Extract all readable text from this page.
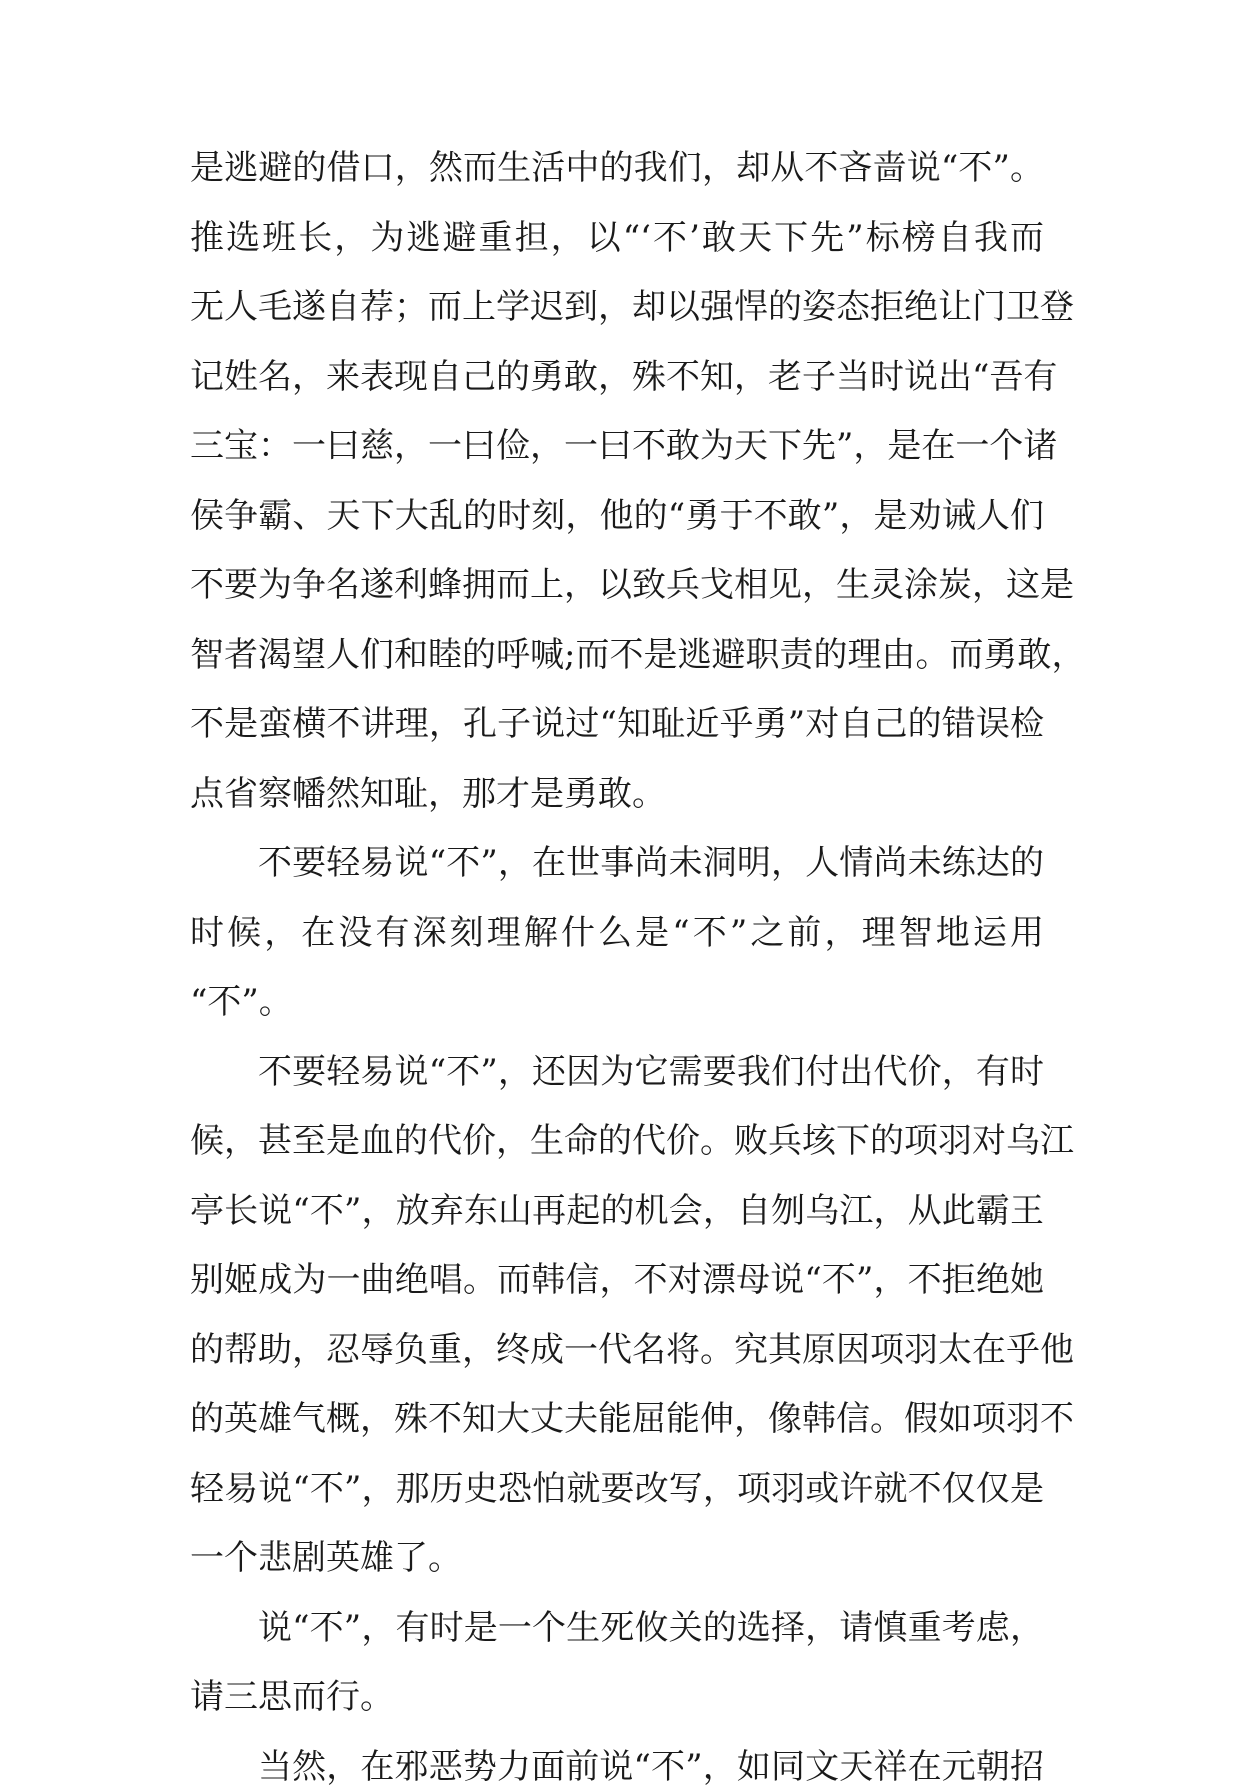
是逃避的借口，然而生活中的我们，却从不吝啬说“不”。
推选班长，为逃避重担，以“‘不’敢天下先”标榜自我而
无人毛遂自荐；而上学迟到，却以强悍的姿态拒绝让门卫登
记姓名，来表现自己的勇敢，殊不知，老子当时说出“吾有
三宝：一曰慈，一曰俭，一曰不敢为天下先”，是在一个诸
侯争霸、天下大乱的时刻，他的“勇于不敢”，是劝诫人们
不要为争名遂利蜂拥而上，以致兵戈相见，生灵涂炭，这是
智者渴望人们和睦的呼喊;而不是逃避职责的理由。而勇敢，
不是蛮横不讲理，孔子说过“知耻近乎勇”对自己的错误检
点省察幡然知耻，那才是勇敢。
不要轻易说“不”，在世事尚未洞明，人情尚未练达的
时候，在没有深刻理解什么是“不”之前，理智地运用
“不”。
不要轻易说“不”，还因为它需要我们付出代价，有时
候，甚至是血的代价，生命的代价。败兵垓下的项羽对乌江
亭长说“不”，放弃东山再起的机会，自刎乌江，从此霸王
别姬成为一曲绝唱。而韩信，不对漂母说“不”，不拒绝她
的帮助，忍辱负重，终成一代名将。究其原因项羽太在乎他
的英雄气概，殊不知大丈夫能屈能伸，像韩信。假如项羽不
轻易说“不”，那历史恐怕就要改写，项羽或许就不仅仅是
一个悲剧英雄了。
说“不”，有时是一个生死攸关的选择，请慎重考虑，
请三思而行。
当然，在邪恶势力面前说“不”，如同文天祥在元朝招
